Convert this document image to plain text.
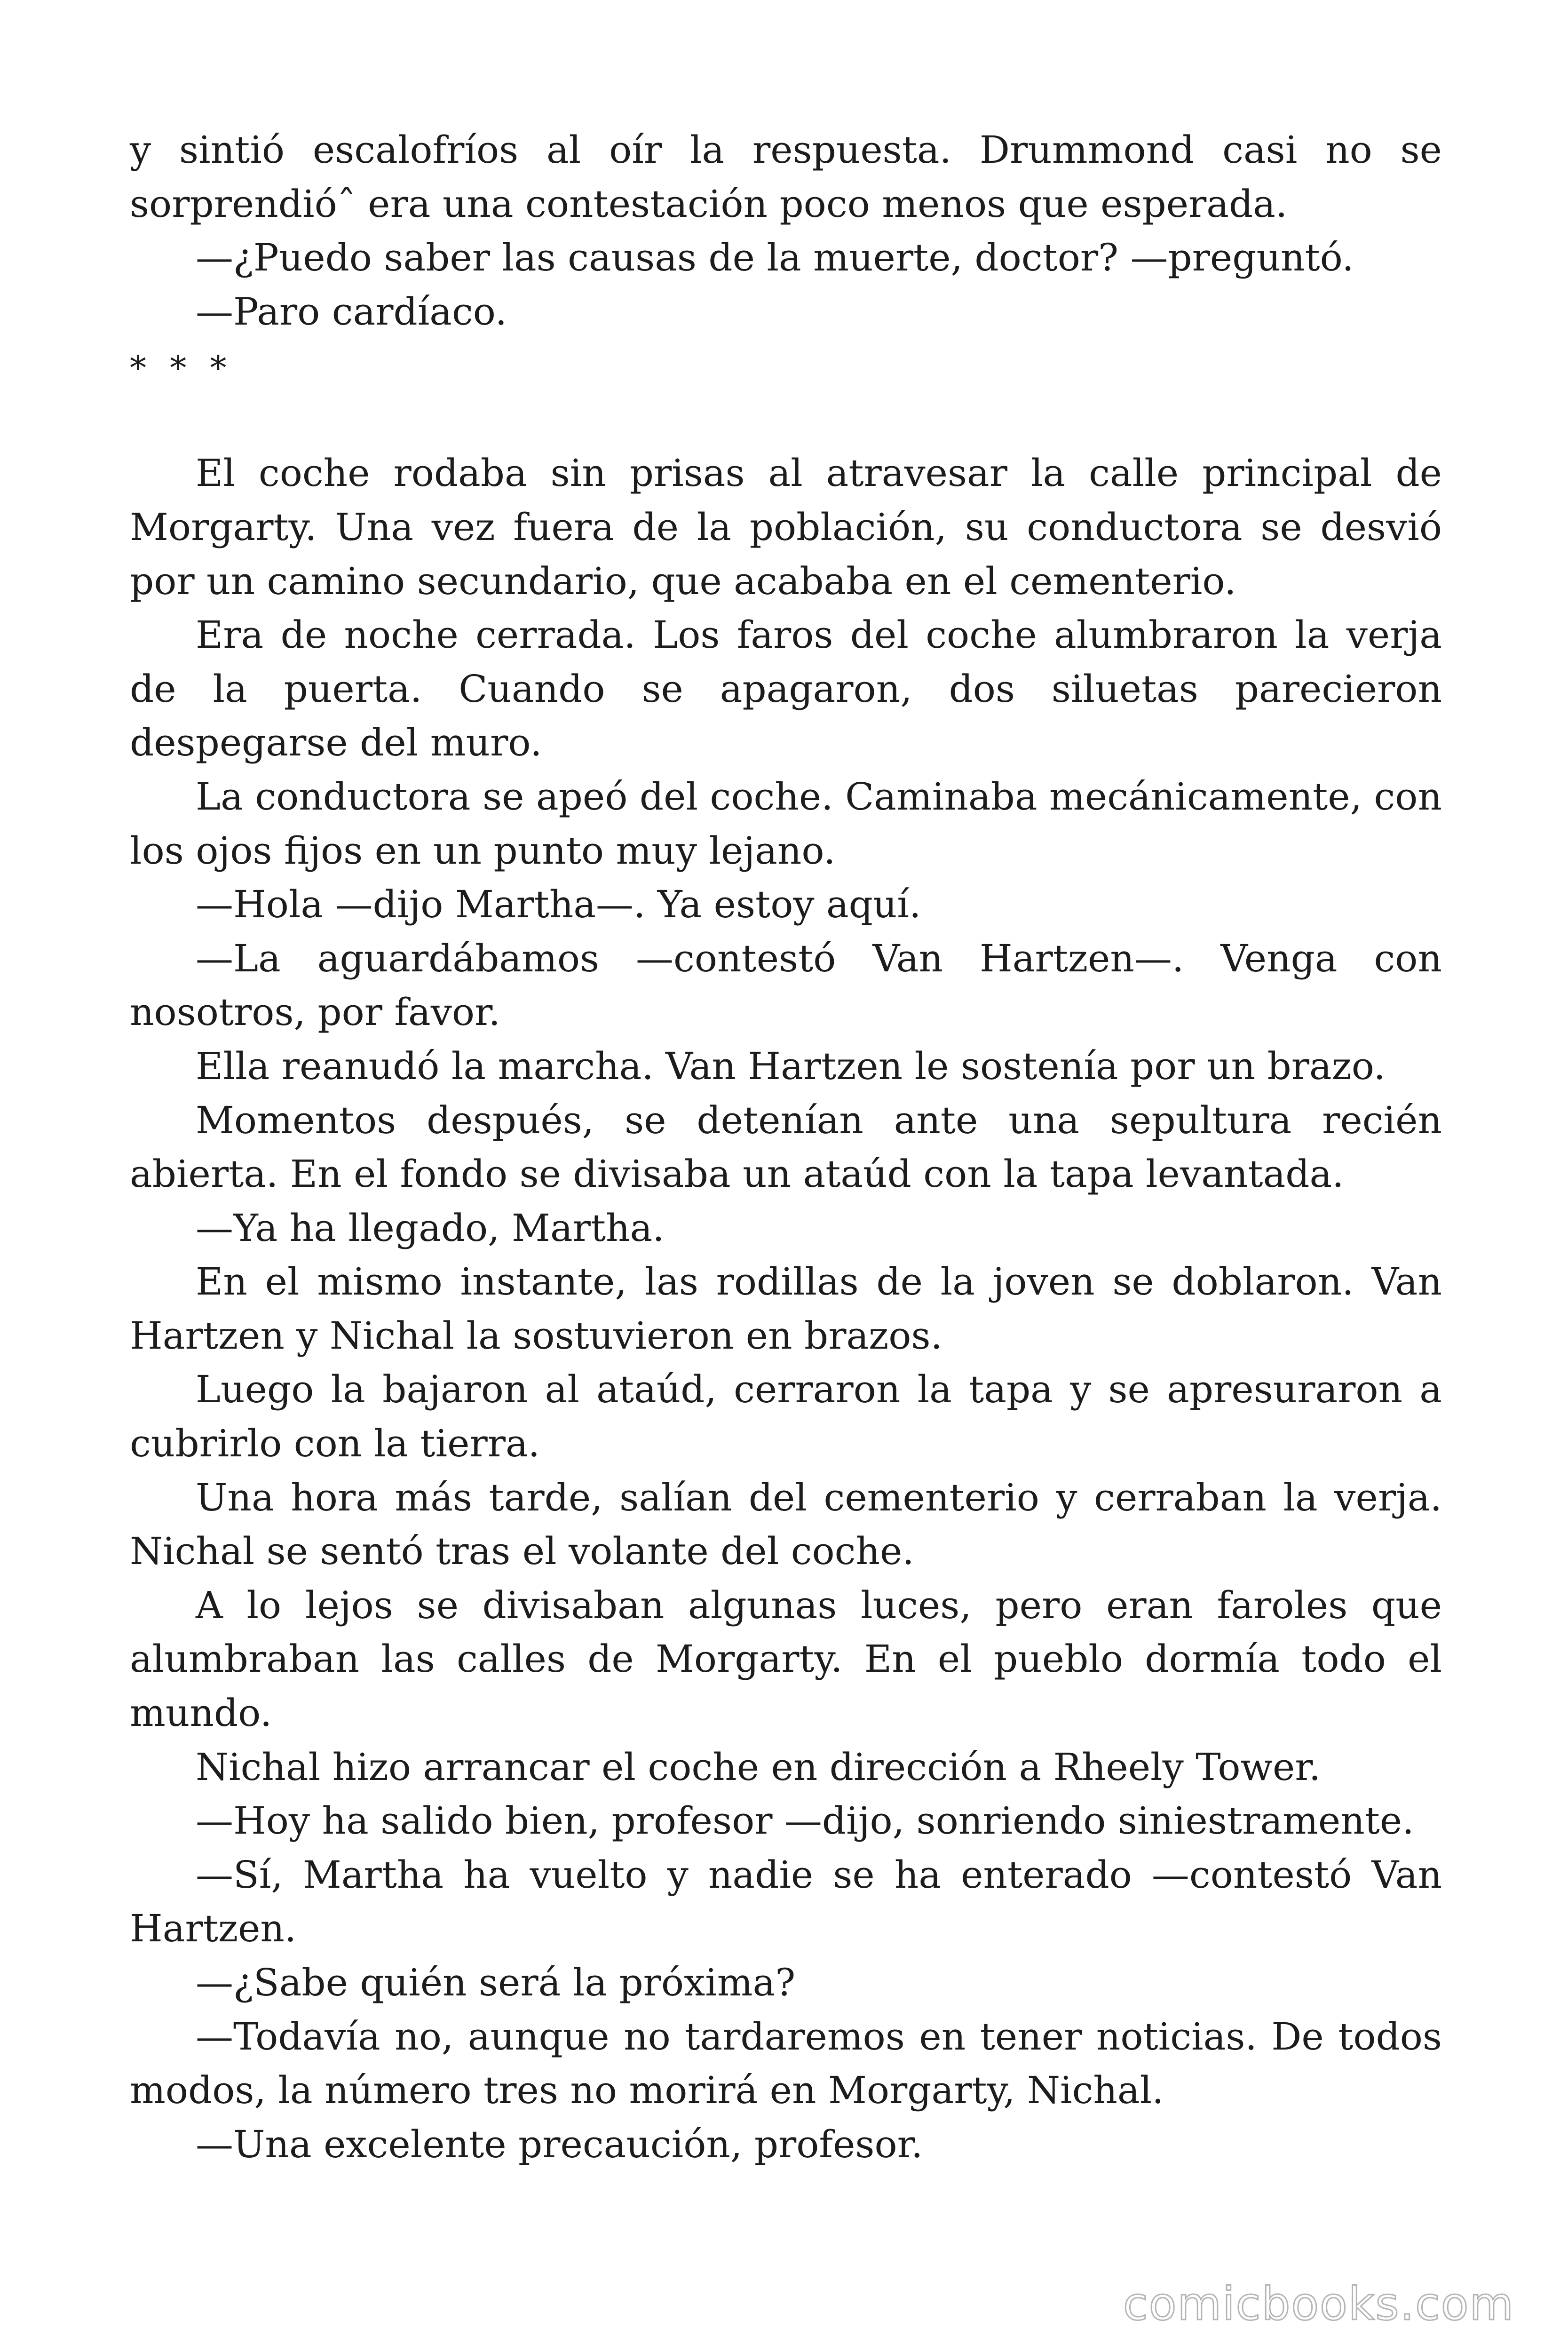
y sintió escalofríos al oír la respuesta. Drummond casi no se sorprendióˆ era una contestación poco menos que esperada.

—¿Puedo saber las causas de la muerte, doctor? —preguntó.

—Paro cardíaco.

* * *

El coche rodaba sin prisas al atravesar la calle principal de Morgarty. Una vez fuera de la población, su conductora se desvió por un camino secundario, que acababa en el cementerio.

Era de noche cerrada. Los faros del coche alumbraron la verja de la puerta. Cuando se apagaron, dos siluetas parecieron despegarse del muro.

La conductora se apeó del coche. Caminaba mecánicamente, con los ojos fijos en un punto muy lejano.

—Hola —dijo Martha—. Ya estoy aquí.

—La aguardábamos —contestó Van Hartzen—. Venga con nosotros, por favor.

Ella reanudó la marcha. Van Hartzen le sostenía por un brazo.

Momentos después, se detenían ante una sepultura recién abierta. En el fondo se divisaba un ataúd con la tapa levantada.

—Ya ha llegado, Martha.

En el mismo instante, las rodillas de la joven se doblaron. Van Hartzen y Nichal la sostuvieron en brazos.

Luego la bajaron al ataúd, cerraron la tapa y se apresuraron a cubrirlo con la tierra.

Una hora más tarde, salían del cementerio y cerraban la verja. Nichal se sentó tras el volante del coche.

A lo lejos se divisaban algunas luces, pero eran faroles que alumbraban las calles de Morgarty. En el pueblo dormía todo el mundo.

Nichal hizo arrancar el coche en dirección a Rheely Tower.

—Hoy ha salido bien, profesor —dijo, sonriendo siniestramente.

—Sí, Martha ha vuelto y nadie se ha enterado —contestó Van Hartzen.

—¿Sabe quién será la próxima?

—Todavía no, aunque no tardaremos en tener noticias. De todos modos, la número tres no morirá en Morgarty, Nichal.

—Una excelente precaución, profesor.

comicbooks.com
